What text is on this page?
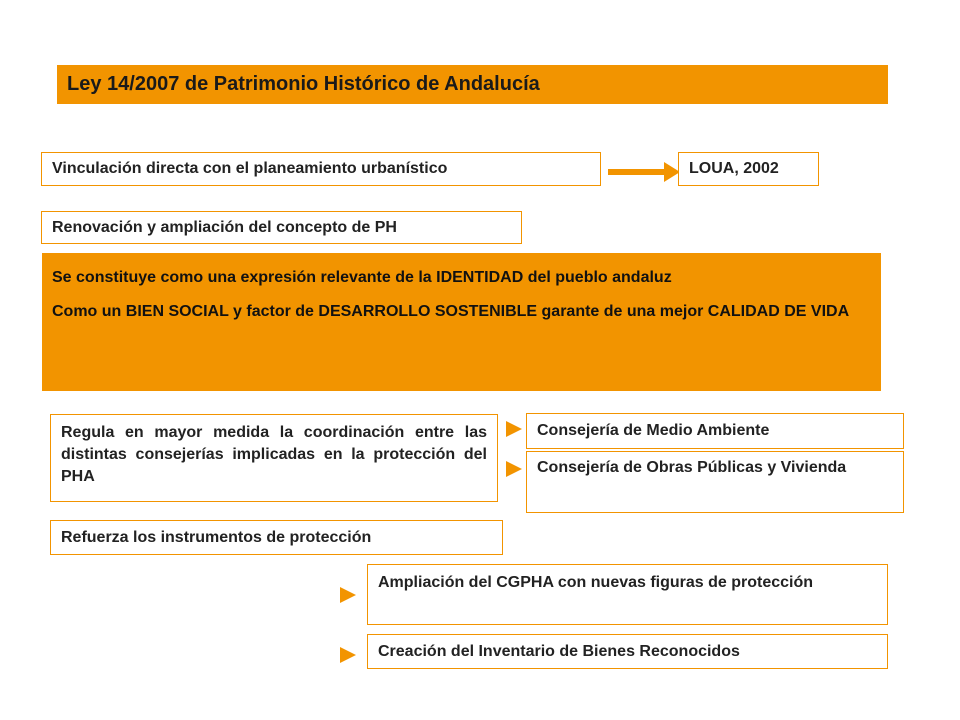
Ley 14/2007 de Patrimonio Histórico de Andalucía
Vinculación directa con el planeamiento urbanístico	LOUA, 2002
Renovación y ampliación del concepto de PH

Se constituye como una expresión relevante de la IDENTIDAD del pueblo andaluz

Como un BIEN SOCIAL y factor de DESARROLLO SOSTENIBLE garante de una mejor CALIDAD DE VIDA

Regula en mayor medida la coordinación entre las distintas consejerías implicadas en la protección del PHA
Consejería de Medio Ambiente
Consejería de Obras Públicas y Vivienda
Refuerza los instrumentos de protección
Ampliación del CGPHA con nuevas figuras de protección
Creación del Inventario de Bienes Reconocidos
